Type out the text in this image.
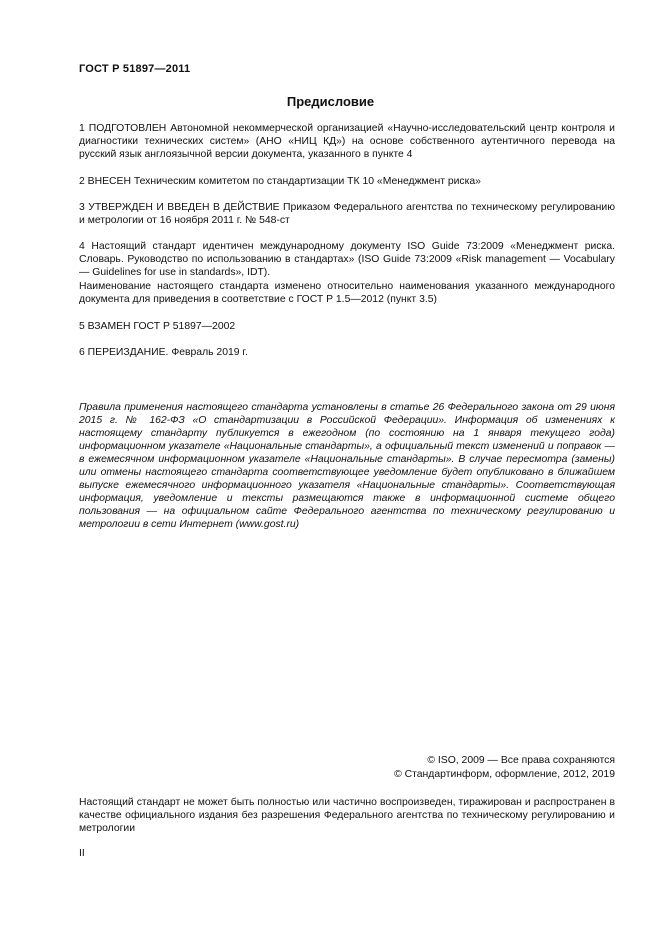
ГОСТ Р 51897—2011
Предисловие
1 ПОДГОТОВЛЕН Автономной некоммерческой организацией «Научно-исследовательский центр контроля и диагностики технических систем» (АНО «НИЦ КД») на основе собственного аутентичного перевода на русский язык англоязычной версии документа, указанного в пункте 4
2 ВНЕСЕН Техническим комитетом по стандартизации ТК 10 «Менеджмент риска»
3 УТВЕРЖДЕН И ВВЕДЕН В ДЕЙСТВИЕ Приказом Федерального агентства по техническому регулированию и метрологии от 16 ноября 2011 г. № 548-ст
4 Настоящий стандарт идентичен международному документу ISO Guide 73:2009 «Менеджмент риска. Словарь. Руководство по использованию в стандартах» (ISO Guide 73:2009 «Risk management — Vocabulary — Guidelines for use in standards», IDT).
Наименование настоящего стандарта изменено относительно наименования указанного международного документа для приведения в соответствие с ГОСТ Р 1.5—2012 (пункт 3.5)
5 ВЗАМЕН ГОСТ Р 51897—2002
6 ПЕРЕИЗДАНИЕ. Февраль 2019 г.
Правила применения настоящего стандарта установлены в статье 26 Федерального закона от 29 июня 2015 г. № 162-ФЗ «О стандартизации в Российской Федерации». Информация об изменениях к настоящему стандарту публикуется в ежегодном (по состоянию на 1 января текущего года) информационном указателе «Национальные стандарты», а официальный текст изменений и поправок — в ежемесячном информационном указателе «Национальные стандарты». В случае пересмотра (замены) или отмены настоящего стандарта соответствующее уведомление будет опубликовано в ближайшем выпуске ежемесячного информационного указателя «Национальные стандарты». Соответствующая информация, уведомление и тексты размещаются также в информационной системе общего пользования — на официальном сайте Федерального агентства по техническому регулированию и метрологии в сети Интернет (www.gost.ru)
© ISO, 2009 — Все права сохраняются
© Стандартинформ, оформление, 2012, 2019
Настоящий стандарт не может быть полностью или частично воспроизведен, тиражирован и распространен в качестве официального издания без разрешения Федерального агентства по техническому регулированию и метрологии
II
